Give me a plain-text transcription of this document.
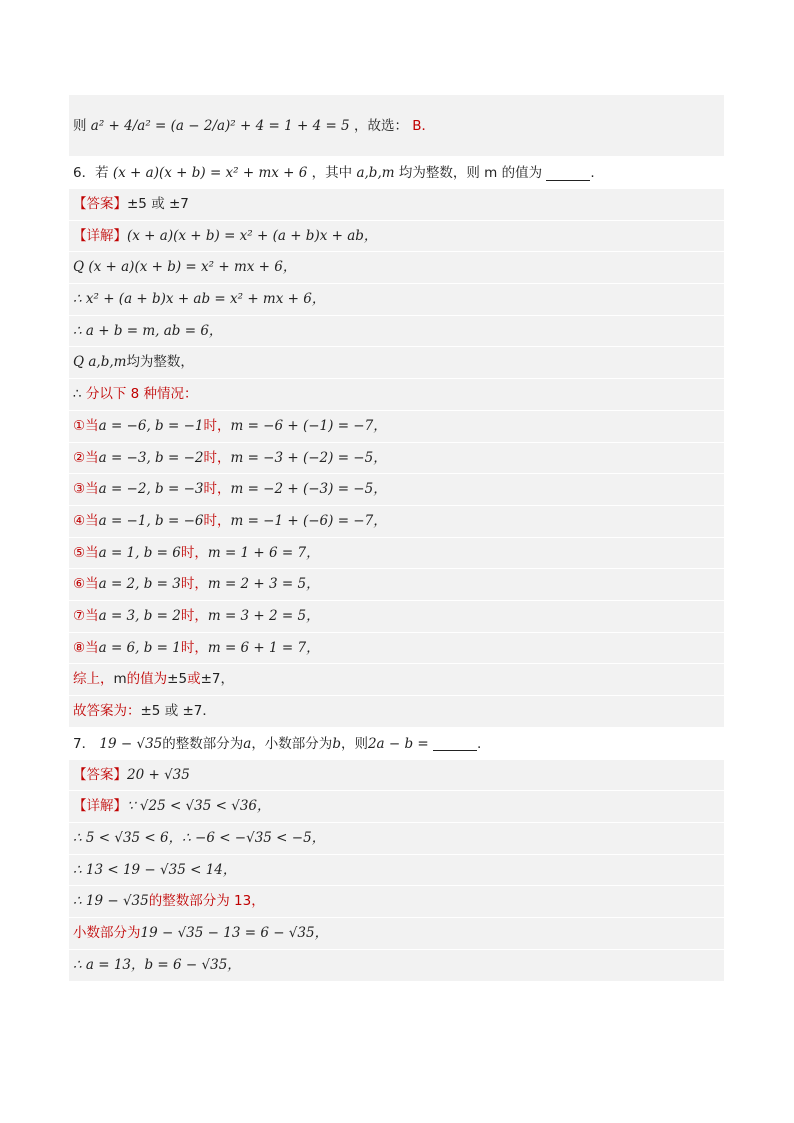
则 a² + 4/a² = (a − 2/a)² + 4 = 1 + 4 = 5 ，故选： B．
6．若 (x + a)(x + b) = x² + mx + 6 ，其中 a,b,m 均为整数，则 m 的值为	.
【答案】±5 或 ±7
【详解】(x + a)(x + b) = x² + (a + b)x + ab，
Q (x + a)(x + b) = x² + mx + 6，
∴ x² + (a + b)x + ab = x² + mx + 6，
∴ a + b = m, ab = 6，
Q a,b,m均为整数，
∴ 分以下 8 种情况：
①当a = −6, b = −1时，m = −6 + (−1) = −7，
②当a = −3, b = −2时，m = −3 + (−2) = −5，
③当a = −2, b = −3时，m = −2 + (−3) = −5，
④当a = −1, b = −6时，m = −1 + (−6) = −7，
⑤当a = 1, b = 6时，m = 1 + 6 = 7，
⑥当a = 2, b = 3时，m = 2 + 3 = 5，
⑦当a = 3, b = 2时，m = 3 + 2 = 5，
⑧当a = 6, b = 1时，m = 6 + 1 = 7，
综上，m的值为±5或±7，
故答案为：±5 或 ±7．
7． 19 − √35的整数部分为a，小数部分为b，则2a − b =	.
【答案】20 + √35
【详解】∵ √25 < √35 < √36，
∴ 5 < √35 < 6，∴ −6 < −√35 < −5，
∴ 13 < 19 − √35 < 14，
∴ 19 − √35的整数部分为 13，
小数部分为19 − √35 − 13 = 6 − √35，
∴ a = 13，b = 6 − √35，
